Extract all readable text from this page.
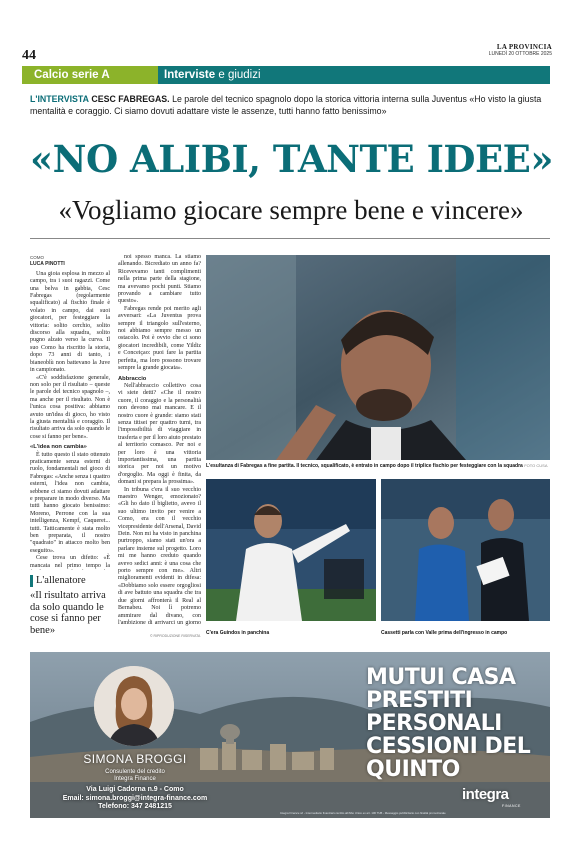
44
LA PROVINCIA
LUNEDÌ 20 OTTOBRE 2025
Calcio serie A	Interviste e giudizi
L'INTERVISTA CESC FABREGAS. Le parole del tecnico spagnolo dopo la storica vittoria interna sulla Juventus «Ho visto la giusta mentalità e coraggio. Ci siamo dovuti adattare viste le assenze, tutti hanno fatto benissimo»
«NO ALIBI, TANTE IDEE»
«Vogliamo giocare sempre bene e vincere»

COMO

LUCA PINOTTI

Una gioia esplosa in mezzo al campo, tra i suoi ragazzi. Come una belva in gabbia, Cesc Fabregas (regolarmente squalificato) al fischio finale è volato in campo, dai suoi giocatori, per festeggiare la vittoria: solito cerchio, solito discorso alla squadra, solito pugno alzato verso la curva. Il suo Como ha riscritto la storia, dopo 73 anni di tanto, i bianeoblù non battevano la Juve in campionato.

«C'è soddisfazione generale, non solo per il risultato – queste le parole del tecnico spagnolo –, ma anche per il risultato. Non è l'unica cosa positiva: abbiamo avuto un'idea di gioco, ho visto la giusta mentalità e coraggio. Il risultato arriva da solo quando le cose si fanno per bene».

«L'idea non cambia»

È tutto questo il stato ottenuto praticamente senza esterni di ruolo, fondamentali nel gioco di Fabregas: «Anche senza i quattro esterni, l'idea non cambia, sebbene ci siamo dovuti adattare e preparare in modo diverso. Ma tutti hanno giocato benissimo: Moreno, Perrone con la sua intelligenza, Kempf, Caqueret... tutti. Tatticamente è stata molto ben preparata, il nostro "quadrato" in attacco molto ben eseguito».

Cese trova un difetto: «È mancata nel primo tempo la

noi spesso manca. La stiamo allenando. Bicrediato un anno fa? Ricevevamo tanti complimenti nella prima parte della stagione, ma avevamo pochi punti. Stiamo provando a cambiare tutto questo».

Fabregas rende poi merito agli avversari: «La Juventus prova sempre il triangolo sull'esterno, noi abbiamo sempre messo un ostacolo. Poi è ovvio che ci sono giocatori incredibili, come Yildiz e Conceiçao: puoi fare la partita perfetta, ma loro possono trovare sempre la grande giocata».

Abbraccio

Nell'abbraccio collettivo cosa vi siete detti? «Che il nostro cuore, il coraggio e la personalità non devono mai mancare. E il nostro cuore è grande: siamo stati senza titisei per quattro turni, tra l'impossibilità di viaggiare in trasferta e per il loro aiuto prestato al territorio comasco. Per noi e per loro è una vittoria importantissima, una partita storica per noi un motivo d'orgoglio. Ma oggi è finita, da domani si prepara la prossima».

In tribuna c'era il suo vecchio maestro Wenger, emozionato? «Gli ho dato il biglietto, avevo il suo ultimo invito per venire a Como, era con il vecchio vicepresidente dell'Arsenal, David Dein. Non mi ha visto in panchina purtroppo, siamo stati un'ora a parlare insieme sul progetto. Loro mi me hanno creduto quando avevo sedici anni: è una cosa che porto sempre con me». Altri miglioramenti evidenti in difesa: «Dobbiamo solo essere orgogliosi di ave battuto una squadra che tra due giorni affronterà il Real al Bernabeu. Noi lì potremo ammirare dal divano, con l'ambizione di arrivarci un giorno

L'allenatore
«Il risultato arriva da solo quando le cose si fanno per bene»
L'esultanza di Fabregas a fine partita. Il tecnico, squalificato, è entrato in campo dopo il triplice fischio per festeggiare con la squadra FOTO CUSA
C'era Guindos in panchina	Cassetti parla con Valle prima dell'ingresso in campo
© RIPRODUZIONE RISERVATA
MUTUI CASA
PRESTITI PERSONALI
CESSIONI DEL QUINTO
SIMONA BROGGI
Consulente del credito
Integra Finance
Via Luigi Cadorna n.9 - Como
Email: simona.broggi@integra-finance.com
Telefono: 347 2481215
integra
FINANCE
Integra Finance srl - Intermediario finanziario iscritto all'Albo Unico ex art. 106 TUB - Messaggio pubblicitario con finalità promozionale
